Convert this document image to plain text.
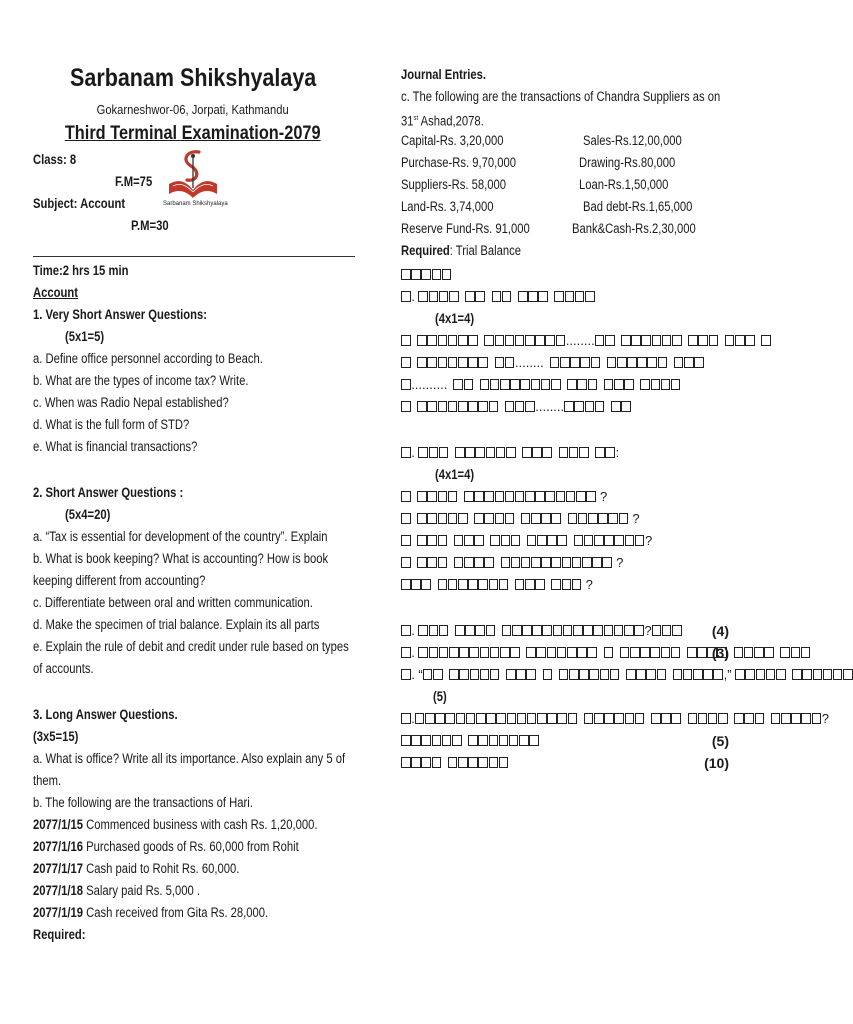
Sarbanam Shikshyalaya
Gokarneshwor-06, Jorpati, Kathmandu
Third Terminal Examination-2079
Class: 8
F.M=75
Subject: Account
P.M=30
Sarbanam Shikshyalaya
Time:2 hrs 15 min
Account
1. Very Short Answer Questions:
(5x1=5)
a. Define office personnel according to Beach.
b. What are the types of income tax? Write.
c. When was Radio Nepal established?
d. What is the full form of STD?
e. What is financial transactions?
2. Short Answer Questions :
(5x4=20)
a. “Tax is essential for development of the country”. Explain
b. What is book keeping? What is accounting? How is book
keeping different from accounting?
c. Differentiate between oral and written communication.
d. Make the specimen of trial balance. Explain its all parts
e. Explain the rule of debit and credit under rule based on types
of accounts.
3. Long Answer Questions.
(3x5=15)
a. What is office? Write all its importance. Also explain any 5 of
them.
b. The following are the transactions of Hari.
2077/1/15 Commenced business with cash Rs. 1,20,000.
2077/1/16 Purchased goods of Rs. 60,000 from Rohit
2077/1/17 Cash paid to Rohit Rs. 60,000.
2077/1/18 Salary paid Rs. 5,000 .
2077/1/19 Cash received from Gita Rs. 28,000.
Required:
Journal Entries.
c. The following are the transactions of Chandra Suppliers as on
31st Ashad,2078.
Capital-Rs. 3,20,000	Sales-Rs.12,00,000
Purchase-Rs. 9,70,000	Drawing-Rs.80,000
Suppliers-Rs. 58,000	Loan-Rs.1,50,000
Land-Rs. 3,74,000	Bad debt-Rs.1,65,000
Reserve Fund-Rs. 91,000	Bank&Cash-Rs.2,30,000
Required: Trial Balance
.
(4x1=4)
........
........
..........
........
.	:
(4x1=4)
?
?
?
?
?
.	?	(4)
.	(3)
. “	,”
(5)
.	?
(5)
(10)
